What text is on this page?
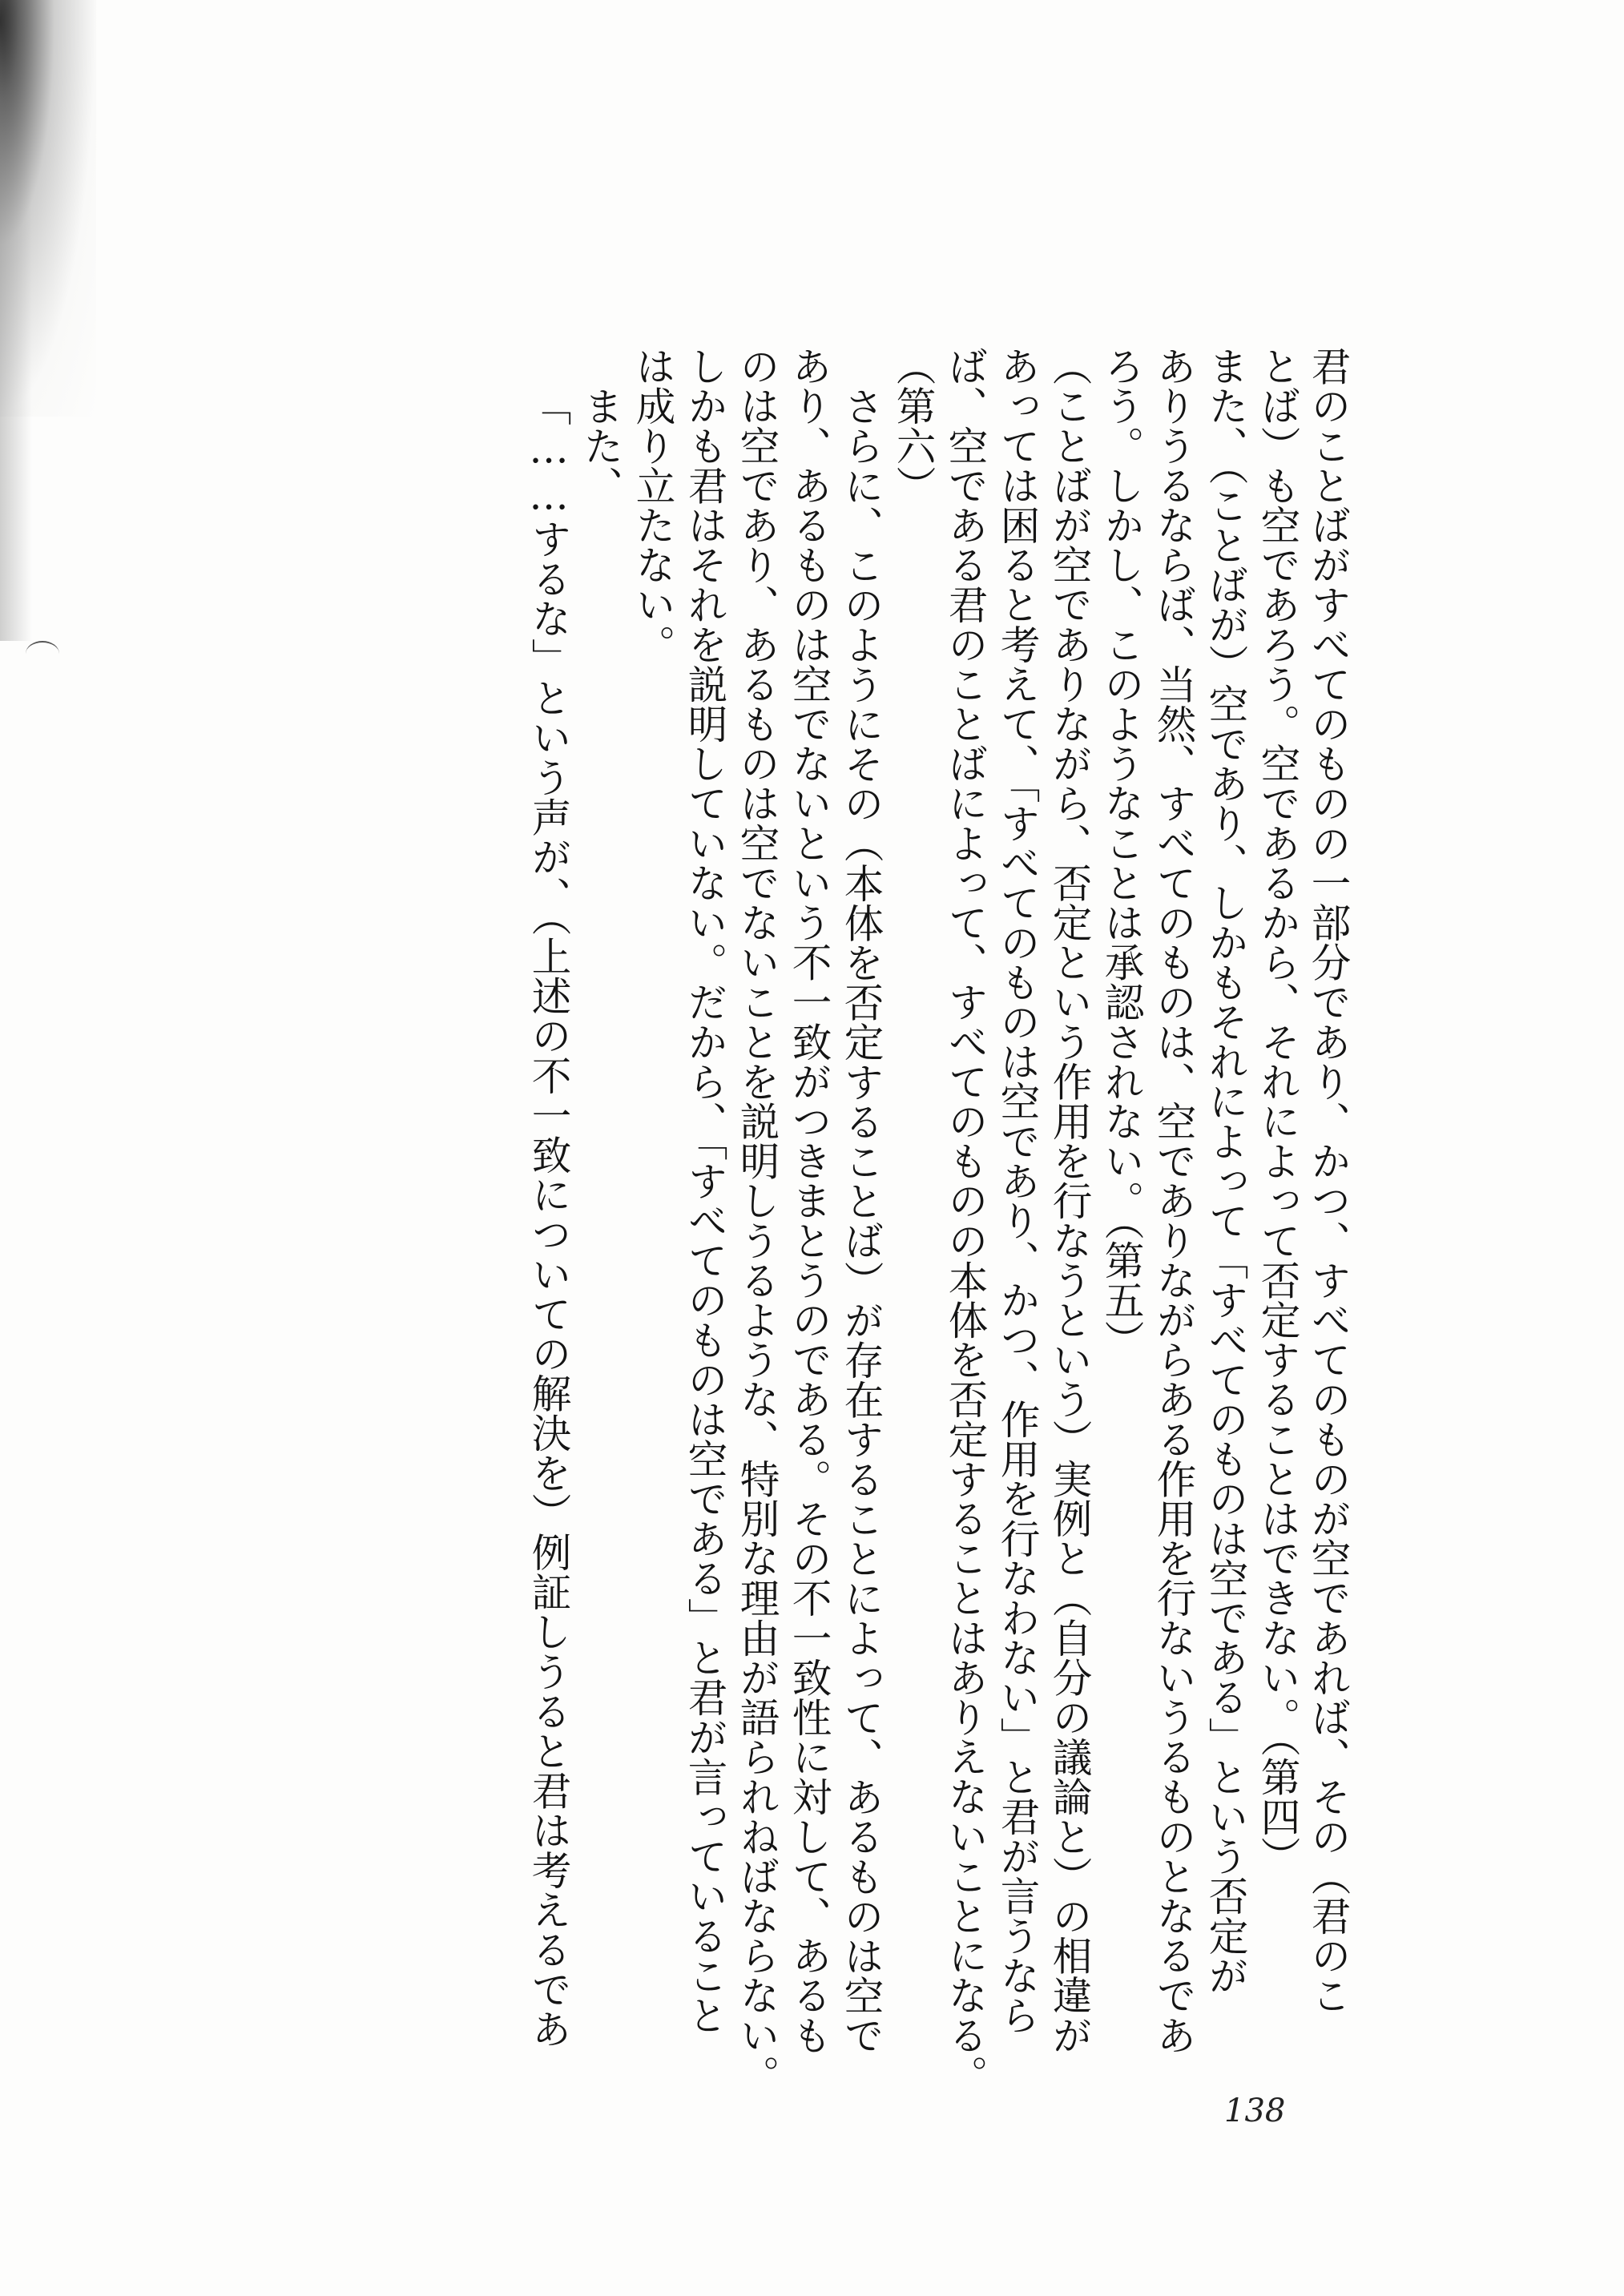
君のことばがすべてのものの一部分であり、かつ、すべてのものが空であれば、その（君のこ
とば）も空であろう。空であるから、それによって否定することはできない。（第四）
また、（ことばが）空であり、しかもそれによって「すべてのものは空である」という否定が
ありうるならば、当然、すべてのものは、空でありながらある作用を行ないうるものとなるであ
ろう。しかし、このようなことは承認されない。（第五）
（ことばが空でありながら、否定という作用を行なうという）実例と（自分の議論と）の相違が
あっては困ると考えて、「すべてのものは空であり、かつ、作用を行なわない」と君が言うなら
ば、空である君のことばによって、すべてのものの本体を否定することはありえないことになる。
（第六）
さらに、このようにその（本体を否定することば）が存在することによって、あるものは空で
あり、あるものは空でないという不一致がつきまとうのである。その不一致性に対して、あるも
のは空であり、あるものは空でないことを説明しうるような、特別な理由が語られねばならない。
しかも君はそれを説明していない。だから、「すべてのものは空である」と君が言っていること
は成り立たない。
また、
「……するな」という声が、（上述の不一致についての解決を）例証しうると君は考えるであ
138
